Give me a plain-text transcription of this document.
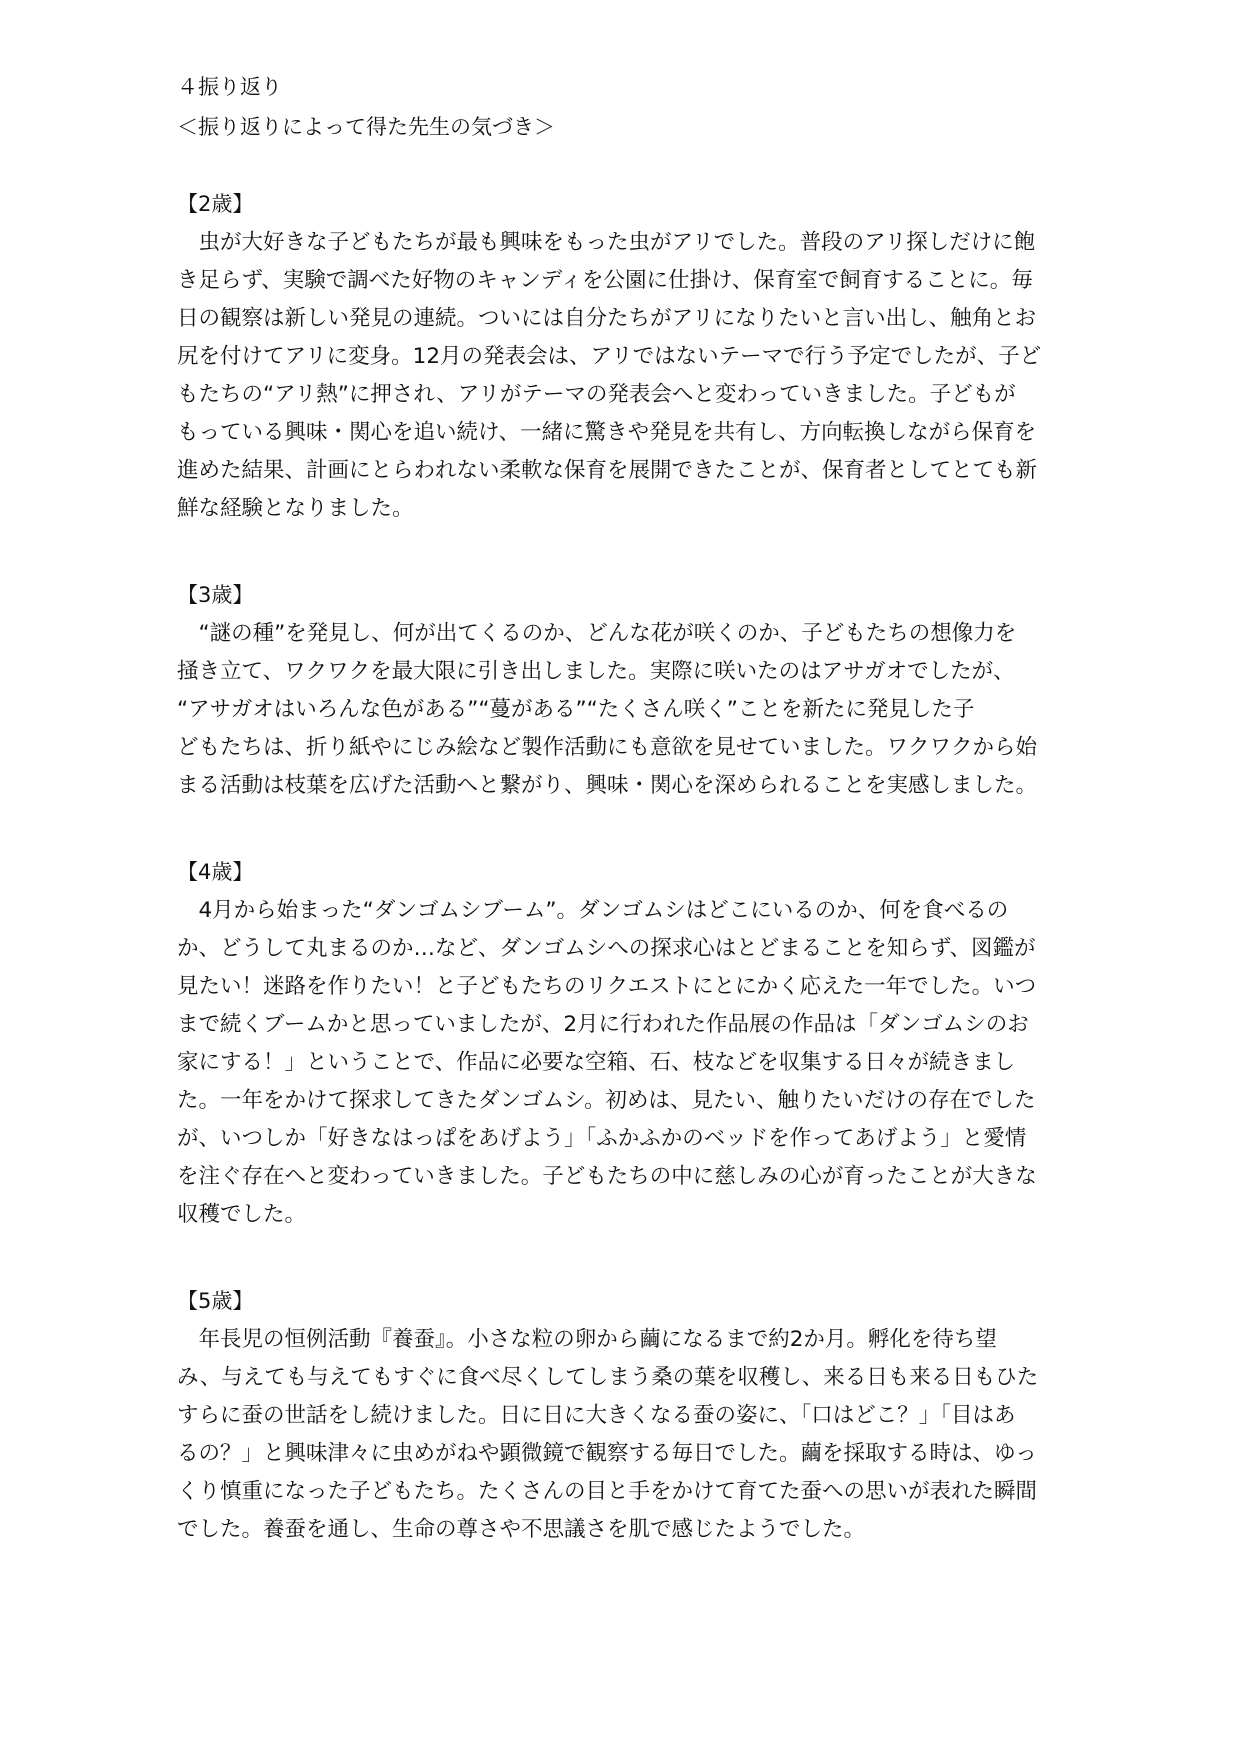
４振り返り

＜振り返りによって得た先生の気づき＞

【2歳】

　虫が大好きな子どもたちが最も興味をもった虫がアリでした。普段のアリ探しだけに飽

き足らず、実験で調べた好物のキャンディを公園に仕掛け、保育室で飼育することに。毎

日の観察は新しい発見の連続。ついには自分たちがアリになりたいと言い出し、触角とお

尻を付けてアリに変身。12月の発表会は、アリではないテーマで行う予定でしたが、子ど

もたちの“アリ熱”に押され、アリがテーマの発表会へと変わっていきました。子どもが

もっている興味・関心を追い続け、一緒に驚きや発見を共有し、方向転換しながら保育を

進めた結果、計画にとらわれない柔軟な保育を展開できたことが、保育者としてとても新

鮮な経験となりました。

【3歳】

　“謎の種”を発見し、何が出てくるのか、どんな花が咲くのか、子どもたちの想像力を

掻き立て、ワクワクを最大限に引き出しました。実際に咲いたのはアサガオでしたが、

“アサガオはいろんな色がある”“蔓がある”“たくさん咲く”ことを新たに発見した子

どもたちは、折り紙やにじみ絵など製作活動にも意欲を見せていました。ワクワクから始

まる活動は枝葉を広げた活動へと繋がり、興味・関心を深められることを実感しました。

【4歳】

　4月から始まった“ダンゴムシブーム”。ダンゴムシはどこにいるのか、何を食べるの

か、どうして丸まるのか…など、ダンゴムシへの探求心はとどまることを知らず、図鑑が

見たい！迷路を作りたい！と子どもたちのリクエストにとにかく応えた一年でした。いつ

まで続くブームかと思っていましたが、2月に行われた作品展の作品は「ダンゴムシのお

家にする！」ということで、作品に必要な空箱、石、枝などを収集する日々が続きまし

た。一年をかけて探求してきたダンゴムシ。初めは、見たい、触りたいだけの存在でした

が、いつしか「好きなはっぱをあげよう」「ふかふかのベッドを作ってあげよう」と愛情

を注ぐ存在へと変わっていきました。子どもたちの中に慈しみの心が育ったことが大きな

収穫でした。

【5歳】

　年長児の恒例活動『養蚕』。小さな粒の卵から繭になるまで約2か月。孵化を待ち望

み、与えても与えてもすぐに食べ尽くしてしまう桑の葉を収穫し、来る日も来る日もひた

すらに蚕の世話をし続けました。日に日に大きくなる蚕の姿に、「口はどこ？」「目はあ

るの？」と興味津々に虫めがねや顕微鏡で観察する毎日でした。繭を採取する時は、ゆっ

くり慎重になった子どもたち。たくさんの目と手をかけて育てた蚕への思いが表れた瞬間

でした。養蚕を通し、生命の尊さや不思議さを肌で感じたようでした。
